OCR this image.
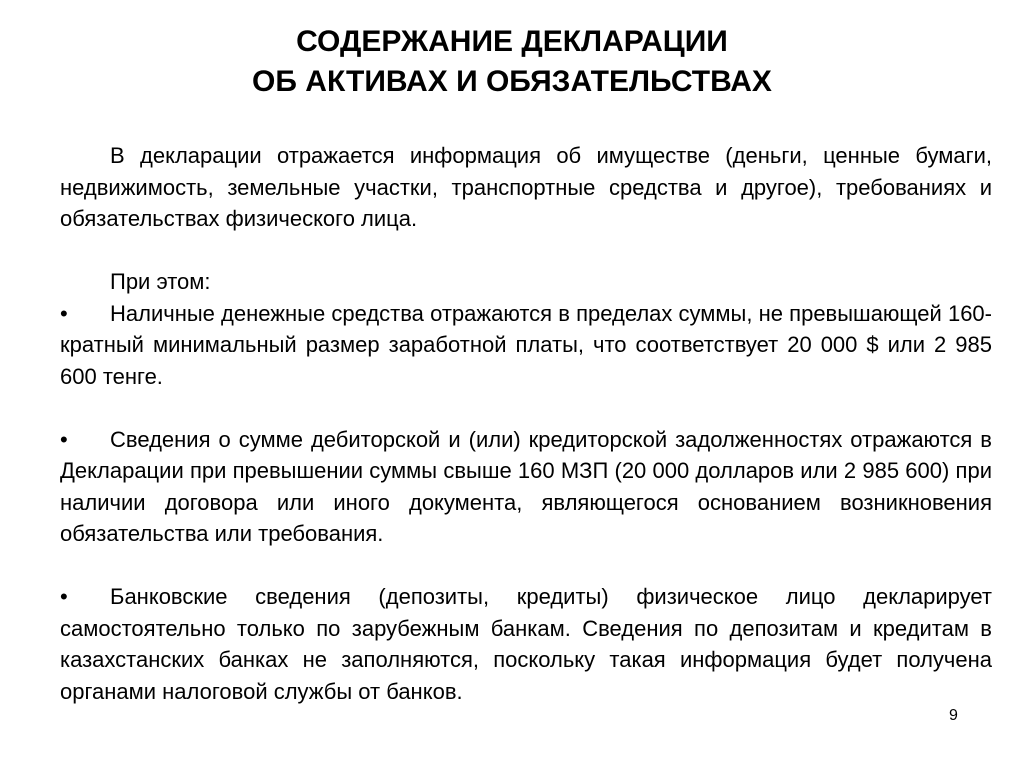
СОДЕРЖАНИЕ ДЕКЛАРАЦИИ
ОБ АКТИВАХ И ОБЯЗАТЕЛЬСТВАХ

В декларации отражается информация об имуществе (деньги, ценные бумаги, недвижимость, земельные участки, транспортные средства и другое), требованиях и обязательствах физического лица.

При этом:

• Наличные денежные средства отражаются в пределах суммы, не превышающей 160-кратный минимальный размер заработной платы, что соответствует 20 000 $ или 2 985 600 тенге.

• Сведения о сумме дебиторской и (или) кредиторской задолженностях отражаются в Декларации при превышении суммы свыше 160 МЗП (20 000 долларов или 2 985 600) при наличии договора или иного документа, являющегося основанием возникновения обязательства или требования.

• Банковские сведения (депозиты, кредиты) физическое лицо декларирует самостоятельно только по зарубежным банкам. Сведения по депозитам и кредитам в казахстанских банках не заполняются, поскольку такая информация будет получена органами налоговой службы от банков.

9
